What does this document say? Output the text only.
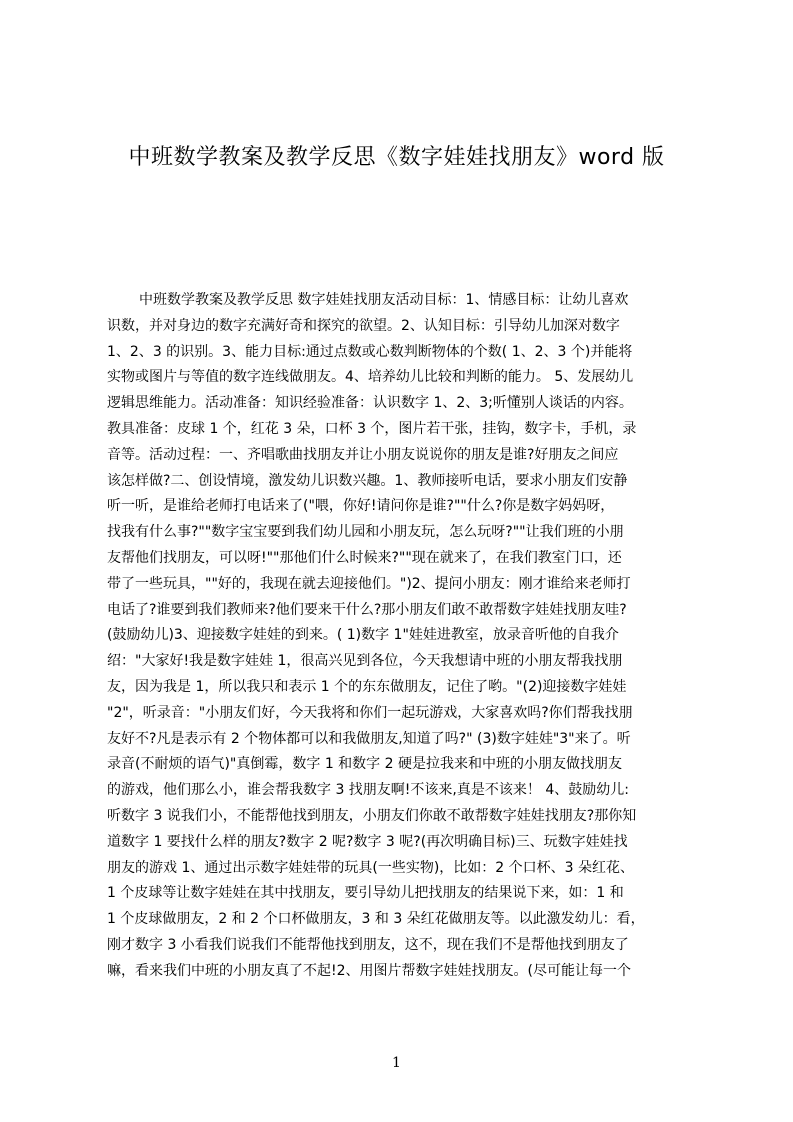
中班数学教案及教学反思《数字娃娃找朋友》word 版
中班数学教案及教学反思 数字娃娃找朋友活动目标：1、情感目标：让幼儿喜欢
识数，并对身边的数字充满好奇和探究的欲望。2、认知目标：引导幼儿加深对数字
1、2、3 的识别。3、能力目标:通过点数或心数判断物体的个数( 1、2、3 个)并能将
实物或图片与等值的数字连线做朋友。4、培养幼儿比较和判断的能力。 5、发展幼儿
逻辑思维能力。活动准备：知识经验准备：认识数字 1、2、3;听懂别人谈话的内容。
教具准备：皮球 1 个，红花 3 朵，口杯 3 个，图片若干张，挂钩，数字卡，手机，录
音等。活动过程：一、齐唱歌曲找朋友并让小朋友说说你的朋友是谁?好朋友之间应
该怎样做?二、创设情境，激发幼儿识数兴趣。1、教师接听电话，要求小朋友们安静
听一听，是谁给老师打电话来了("喂，你好!请问你是谁?""什么?你是数字妈妈呀，
找我有什么事?""数字宝宝要到我们幼儿园和小朋友玩，怎么玩呀?""让我们班的小朋
友帮他们找朋友，可以呀!""那他们什么时候来?""现在就来了，在我们教室门口，还
带了一些玩具，""好的，我现在就去迎接他们。")2、提问小朋友：刚才谁给来老师打
电话了?谁要到我们教师来?他们要来干什么?那小朋友们敢不敢帮数字娃娃找朋友哇?
(鼓励幼儿)3、迎接数字娃娃的到来。( 1)数字 1"娃娃进教室，放录音听他的自我介
绍："大家好!我是数字娃娃 1，很高兴见到各位，今天我想请中班的小朋友帮我找朋
友，因为我是 1，所以我只和表示 1 个的东东做朋友，记住了哟。"(2)迎接数字娃娃
"2"，听录音："小朋友们好，今天我将和你们一起玩游戏，大家喜欢吗?你们帮我找朋
友好不?凡是表示有 2 个物体都可以和我做朋友,知道了吗?" (3)数字娃娃"3"来了。听
录音(不耐烦的语气)"真倒霉，数字 1 和数字 2 硬是拉我来和中班的小朋友做找朋友
的游戏，他们那么小，谁会帮我数字 3 找朋友啊!不该来,真是不该来！ 4、鼓励幼儿:
听数字 3 说我们小，不能帮他找到朋友，小朋友们你敢不敢帮数字娃娃找朋友?那你知
道数字 1 要找什么样的朋友?数字 2 呢?数字 3 呢?(再次明确目标)三、玩数字娃娃找
朋友的游戏 1、通过出示数字娃娃带的玩具(一些实物)，比如：2 个口杯、3 朵红花、
1 个皮球等让数字娃娃在其中找朋友，要引导幼儿把找朋友的结果说下来，如：1 和
1 个皮球做朋友，2 和 2 个口杯做朋友，3 和 3 朵红花做朋友等。以此激发幼儿：看，
刚才数字 3 小看我们说我们不能帮他找到朋友，这不，现在我们不是帮他找到朋友了
嘛，看来我们中班的小朋友真了不起!2、用图片帮数字娃娃找朋友。(尽可能让每一个
1
